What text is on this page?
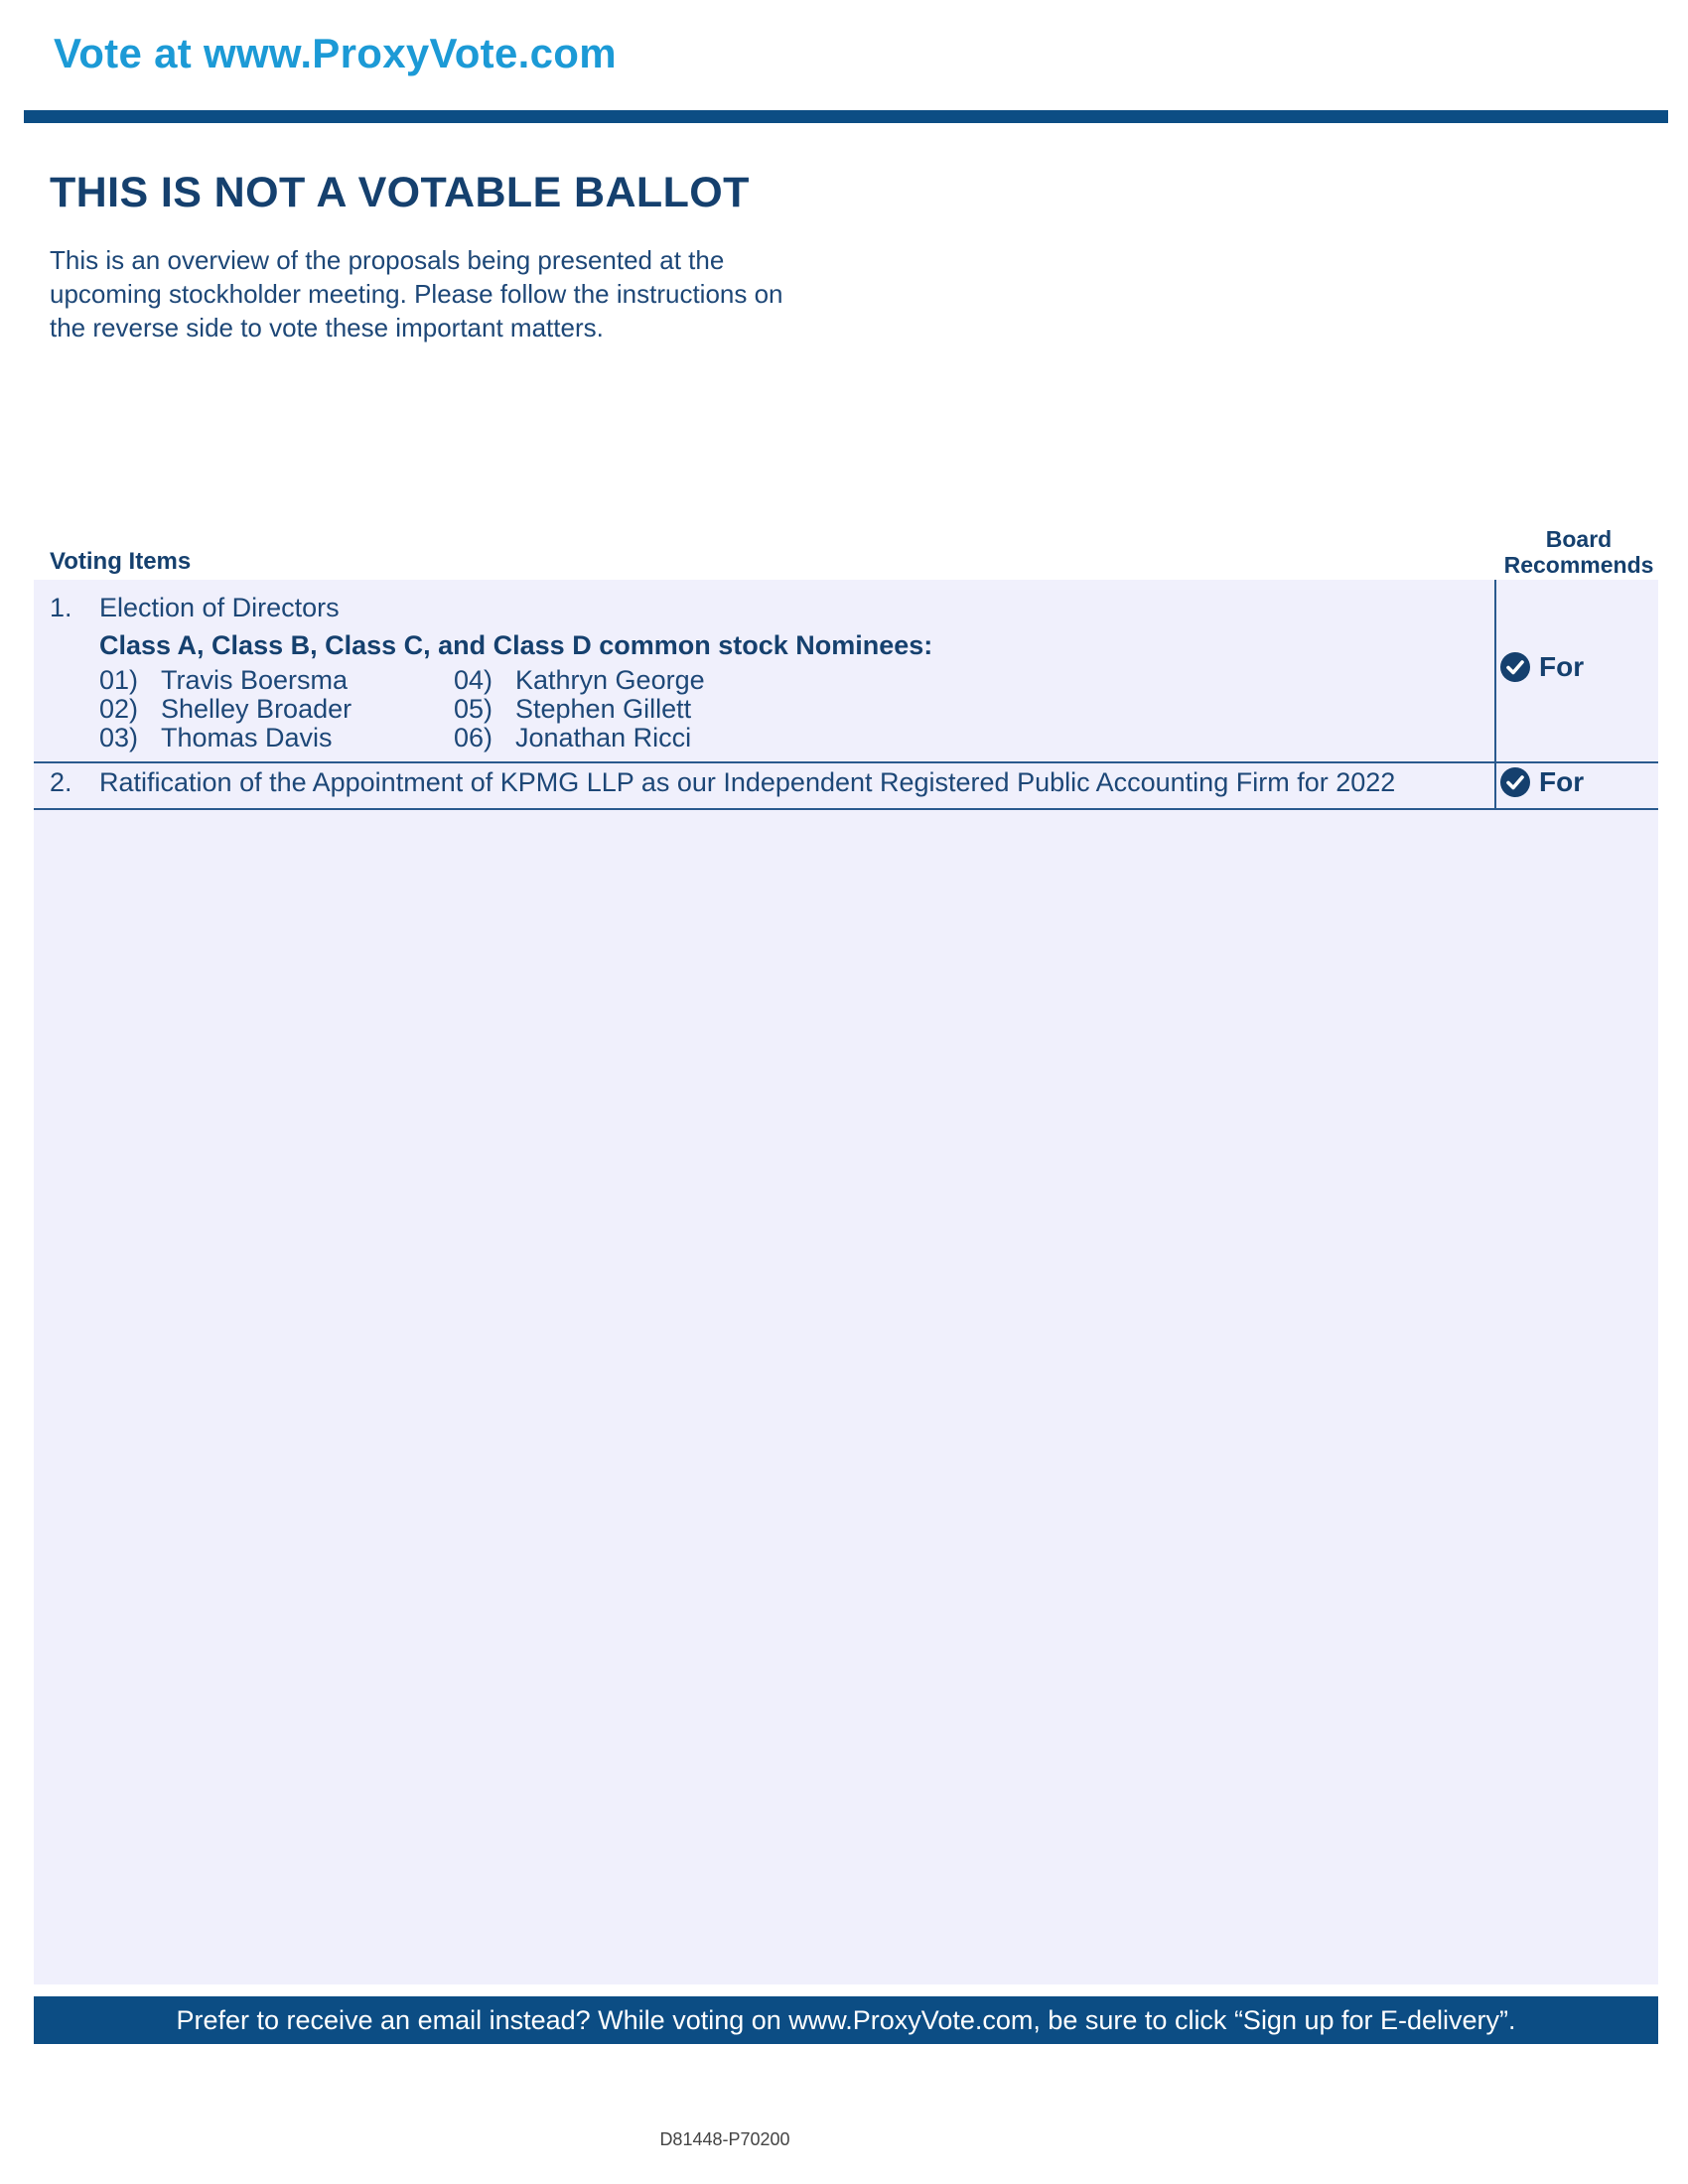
Vote at www.ProxyVote.com
THIS IS NOT A VOTABLE BALLOT
This is an overview of the proposals being presented at the
upcoming stockholder meeting. Please follow the instructions on
the reverse side to vote these important matters.
Voting Items
Board
Recommends
1. Election of Directors
Class A, Class B, Class C, and Class D common stock Nominees:
01) Travis Boersma
02) Shelley Broader
03) Thomas Davis
04) Kathryn George
05) Stephen Gillett
06) Jonathan Ricci
For
2. Ratification of the Appointment of KPMG LLP as our Independent Registered Public Accounting Firm for 2022	For
Prefer to receive an email instead? While voting on www.ProxyVote.com, be sure to click “Sign up for E-delivery”.
D81448-P70200
